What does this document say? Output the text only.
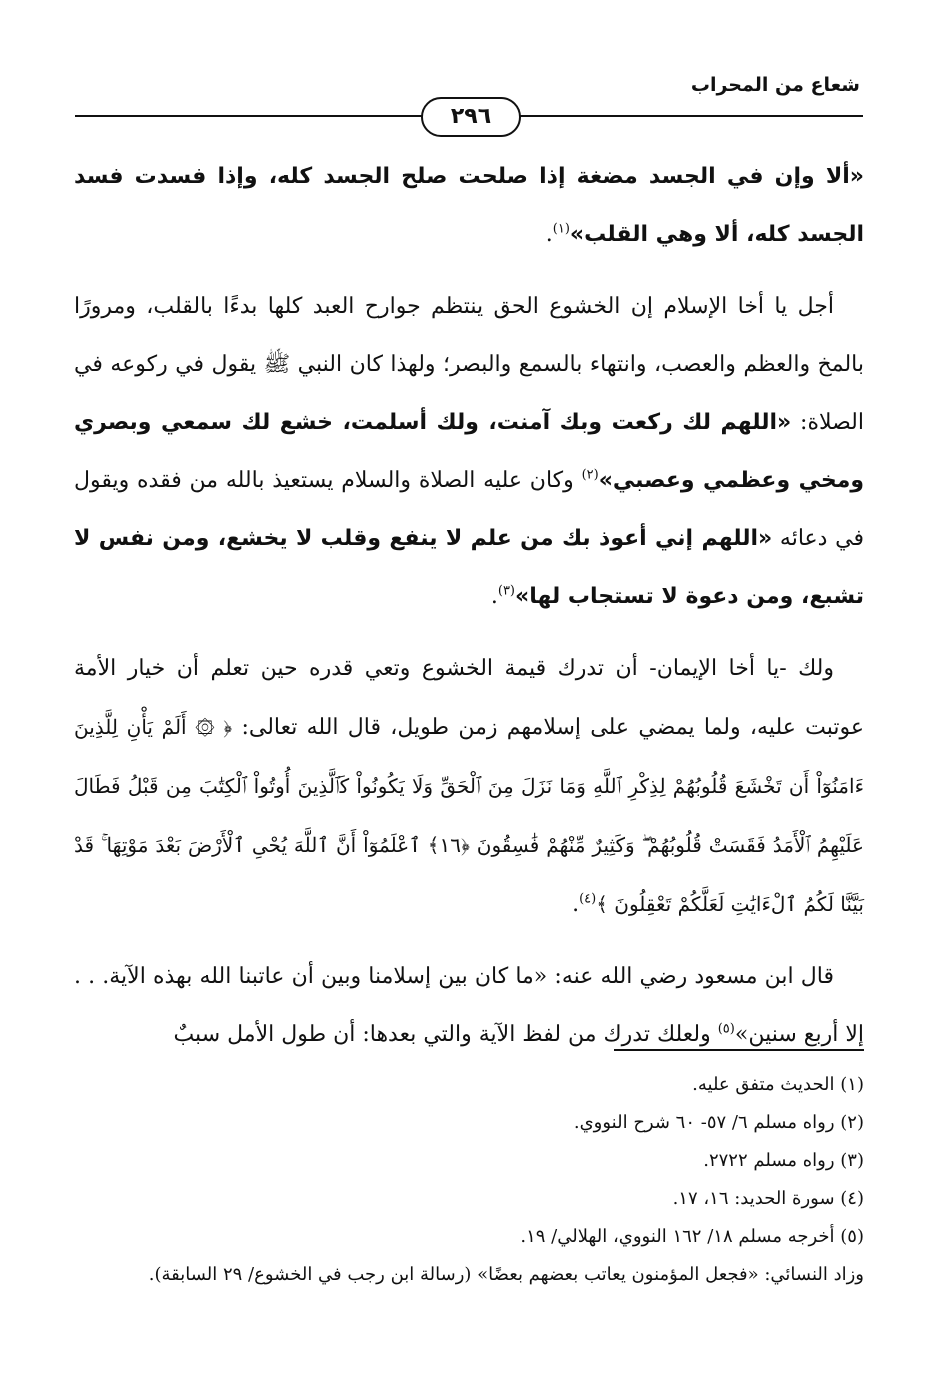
شعاع من المحراب
٢٩٦

«ألا وإن في الجسد مضغة إذا صلحت صلح الجسد كله، وإذا فسدت فسد الجسد كله، ألا وهي القلب»$^{(١)}$.

أجل يا أخا الإسلام إن الخشوع الحق ينتظم جوارح العبد كلها بدءًا بالقلب، ومرورًا بالمخ والعظم والعصب، وانتهاء بالسمع والبصر؛ ولهذا كان النبي ﷺ يقول في ركوعه في الصلاة: «اللهم لك ركعت وبك آمنت، ولك أسلمت، خشع لك سمعي وبصري ومخي وعظمي وعصبي»$^{(٢)}$ وكان عليه الصلاة والسلام يستعيذ بالله من فقده ويقول في دعائه «اللهم إني أعوذ بك من علم لا ينفع وقلب لا يخشع، ومن نفس لا تشبع، ومن دعوة لا تستجاب لها»$^{(٣)}$.

ولك -يا أخا الإيمان- أن تدرك قيمة الخشوع وتعي قدره حين تعلم أن خيار الأمة عوتبت عليه، ولما يمضي على إسلامهم زمن طويل، قال الله تعالى: ﴿ ۞ أَلَمْ يَأْنِ لِلَّذِينَ ءَامَنُوٓاْ أَن تَخْشَعَ قُلُوبُهُمْ لِذِكْرِ ٱللَّهِ وَمَا نَزَلَ مِنَ ٱلْحَقِّ وَلَا يَكُونُواْ كَٱلَّذِينَ أُوتُواْ ٱلْكِتَٰبَ مِن قَبْلُ فَطَالَ عَلَيْهِمُ ٱلْأَمَدُ فَقَسَتْ قُلُوبُهُمْ ۖ وَكَثِيرٌ مِّنْهُمْ فَٰسِقُونَ ﴿١٦﴾ ٱعْلَمُوٓاْ أَنَّ ٱللَّهَ يُحْىِ ٱلْأَرْضَ بَعْدَ مَوْتِهَا ۚ قَدْ بَيَّنَّا لَكُمُ ٱلْءَايَٰتِ لَعَلَّكُمْ تَعْقِلُونَ ﴾$^{(٤)}$.

قال ابن مسعود رضي الله عنه: «ما كان بين إسلامنا وبين أن عاتبنا الله بهذه الآية. . . إلا أربع سنين»$^{(٥)}$ ولعلك تدرك من لفظ الآية والتي بعدها: أن طول الأمل سببٌ

(١) الحديث متفق عليه.
(٢) رواه مسلم ٦/ ٥٧- ٦٠ شرح النووي.
(٣) رواه مسلم ٢٧٢٢.
(٤) سورة الحديد: ١٦، ١٧.
(٥) أخرجه مسلم ١٨/ ١٦٢ النووي، الهلالي/ ١٩.
وزاد النسائي: «فجعل المؤمنون يعاتب بعضهم بعضًا» (رسالة ابن رجب في الخشوع/ ٢٩ السابقة).
